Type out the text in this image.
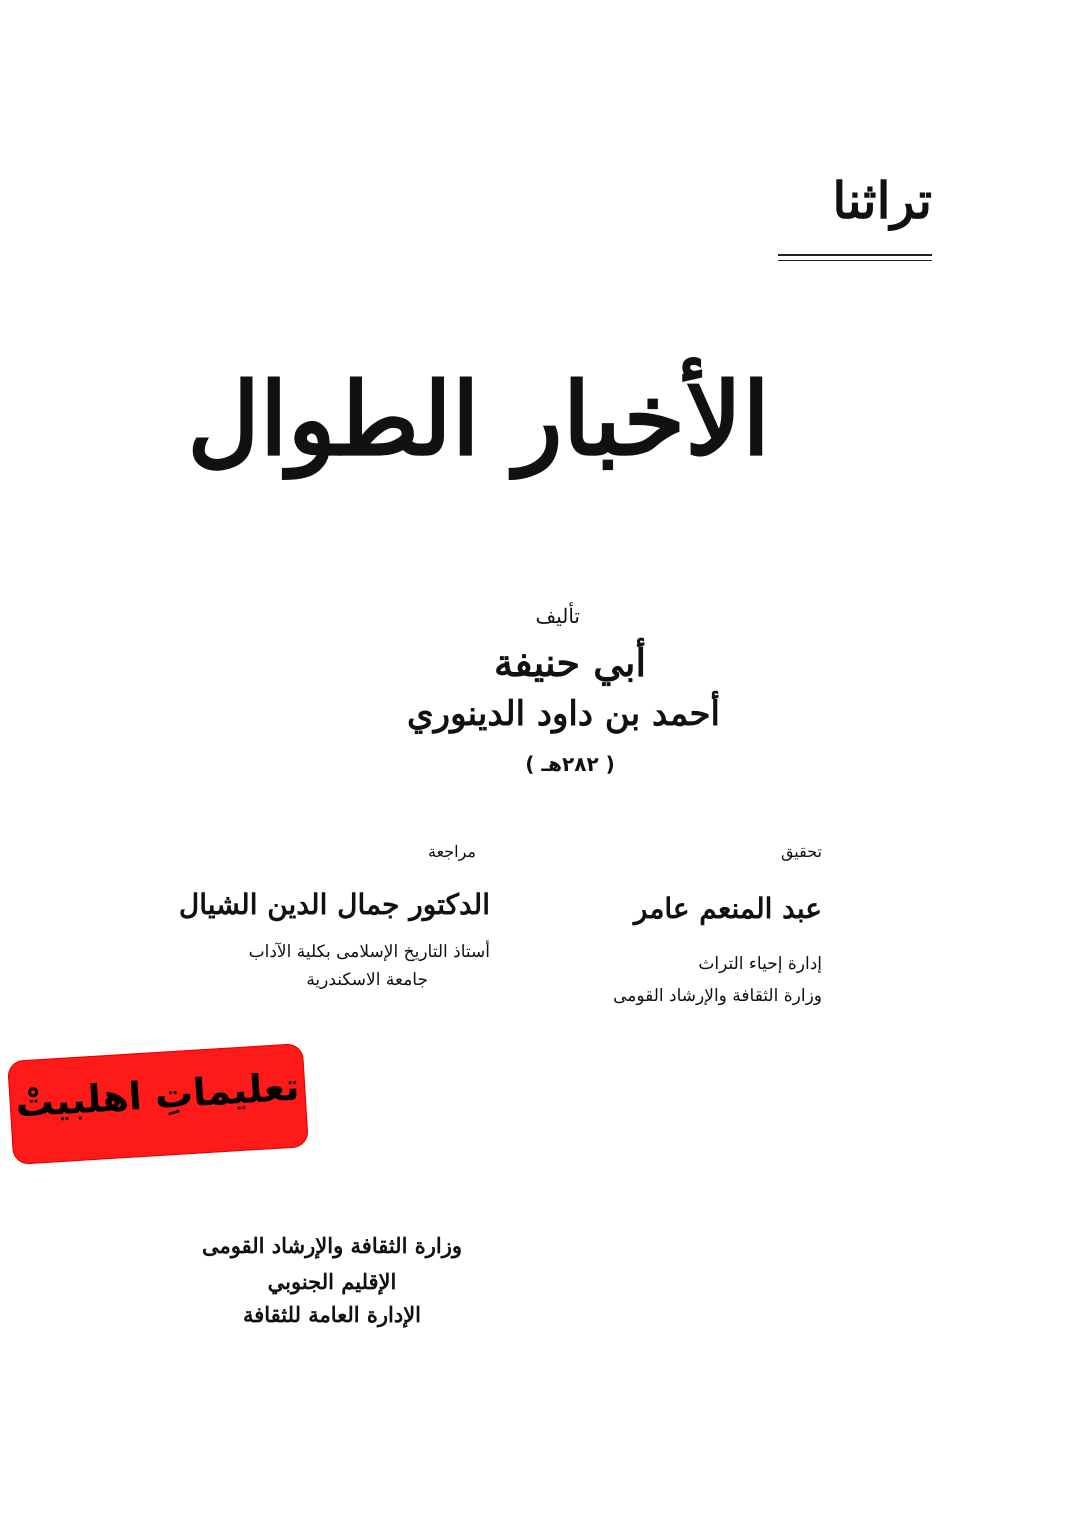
تراثنا
الأخبار الطوال
تأليف
أبي حنيفة
أحمد بن داود الدينوري
( ٢٨٢هـ )
تحقيق
عبد المنعم عامر
إدارة إحياء التراث
وزارة الثقافة والإرشاد القومى
مراجعة
الدكتور جمال الدين الشيال
أستاذ التاريخ الإسلامى بكلية الآداب
جامعة الاسكندرية
تعليماتِ اهلبيتْ
وزارة الثقافة والإرشاد القومى
الإقليم الجنوبي
الإدارة العامة للثقافة
